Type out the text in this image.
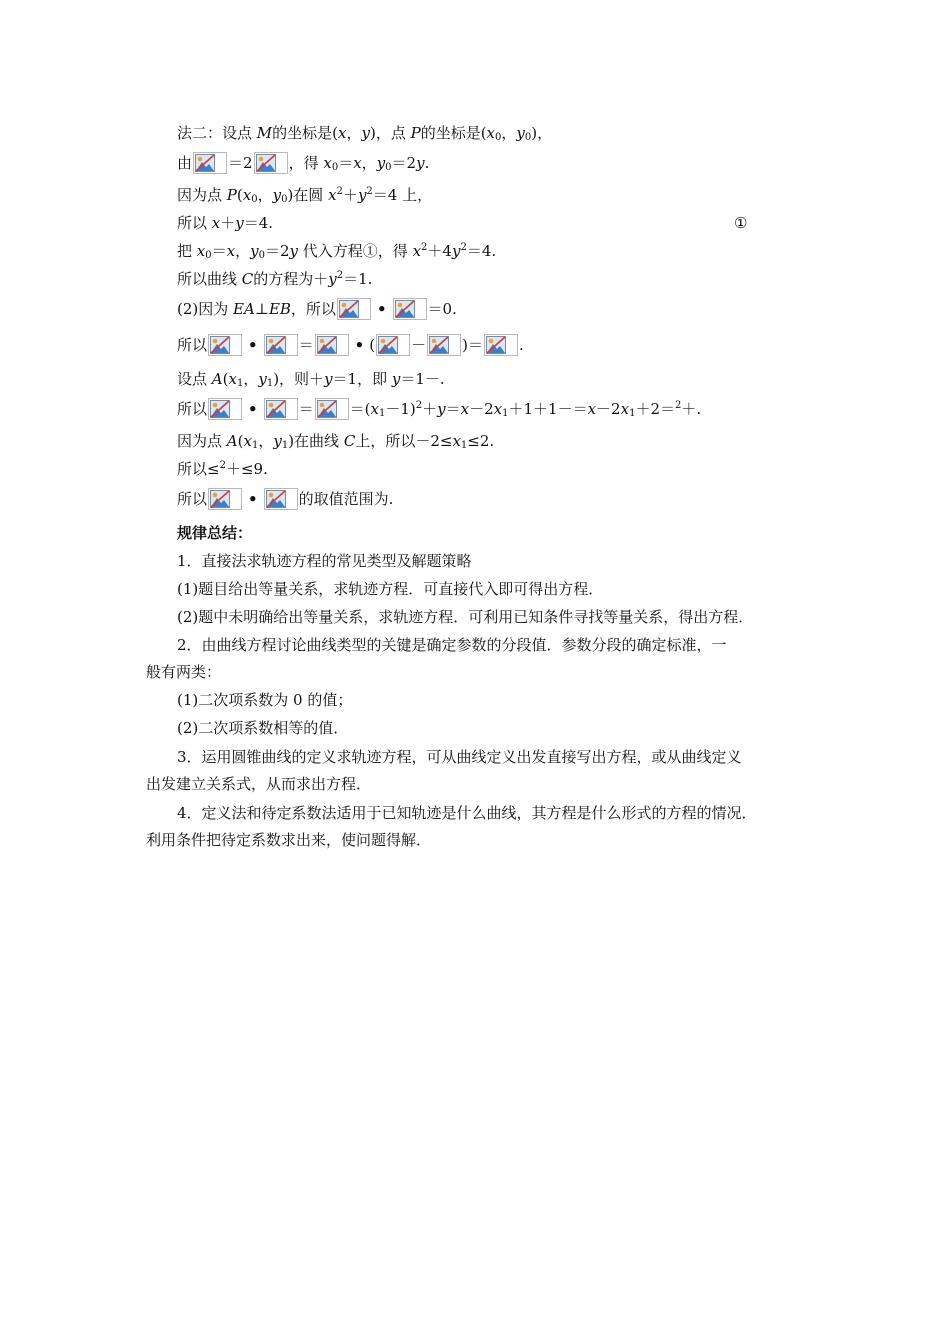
法二：设点 M的坐标是(x，y)，点 P的坐标是($x_0$，$y_0$)，
由 ＝2 ，得 $x_0=x$，$y_0=2y$.
因为点 $P(x_0$，$y_0$)在圆 $x^2+y^2=4$ 上，
所以 x＋y＝4.	①
把 $x_0=x$，$y_0=2y$ 代入方程①，得 $x^2+4y^2=4$.
所以曲线 C的方程为$+y^2=1$.
(2)因为 EA⊥EB，所以	•	＝0.
所以	•	＝	• ( － )＝ .
设点 $A(x_1$，$y_1$)，则＋y＝1，即 y＝1－.
所以	•	＝ $=(x_1-1)^2+y=x-2x_1+1+1-=x-2x_1+2=^2+$.
因为点 $A(x_1$，$y_1$)在曲线 C上，所以$-2\le x_1\le 2$.
所以≤$^2$＋≤9.
所以	•	的取值范围为.
规律总结：
1．直接法求轨迹方程的常见类型及解题策略
(1)题目给出等量关系，求轨迹方程．可直接代入即可得出方程．
(2)题中未明确给出等量关系，求轨迹方程．可利用已知条件寻找等量关系，得出方程．
2．由曲线方程讨论曲线类型的关键是确定参数的分段值．参数分段的确定标准，一
般有两类：
(1)二次项系数为 0 的值；
(2)二次项系数相等的值．
3．运用圆锥曲线的定义求轨迹方程，可从曲线定义出发直接写出方程，或从曲线定义
出发建立关系式，从而求出方程．
4．定义法和待定系数法适用于已知轨迹是什么曲线，其方程是什么形式的方程的情况．
利用条件把待定系数求出来，使问题得解．
